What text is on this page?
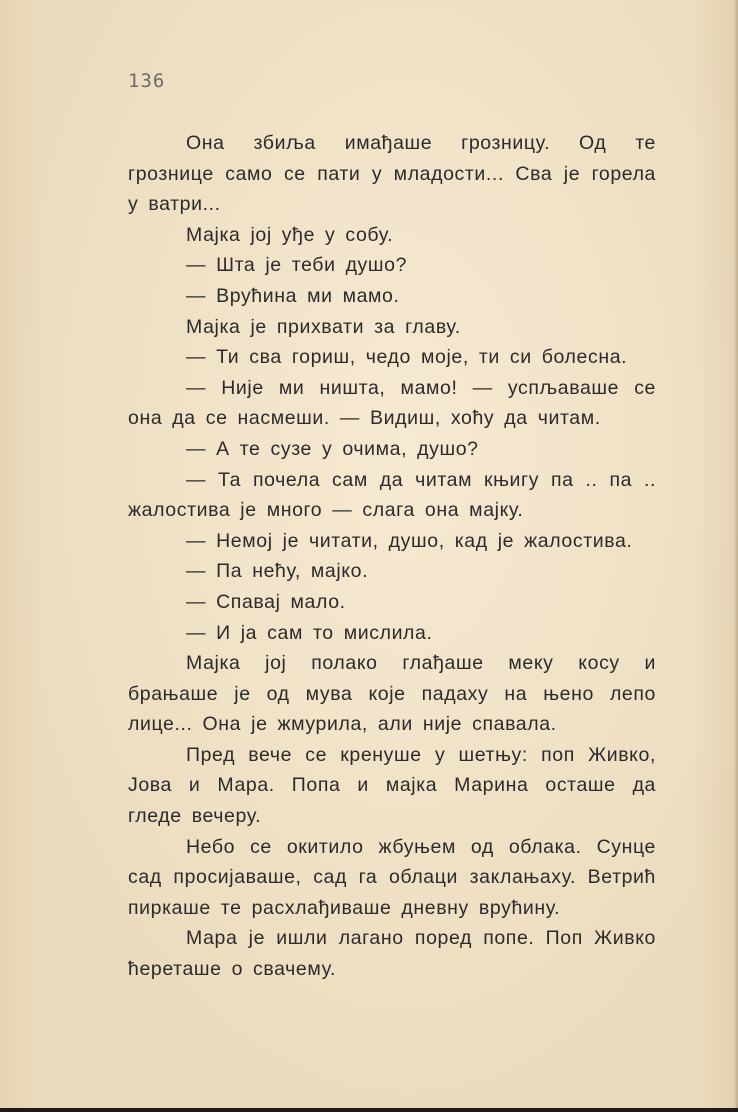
136

Она збиља имађаше грозницу. Од те грознице само се пати у младости... Сва је горела у ватри...

Мајка јој уђе у собу.

— Шта је теби душо?

— Врућина ми мамо.

Мајка је прихвати за главу.

— Ти сва гориш, чедо моје, ти си болесна.

— Није ми ништа, мамо! — успљаваше се она да се насмеши. — Видиш, хоћу да читам.

— А те сузе у очима, душо?

— Та почела сам да читам књигу па .. па .. жалостива је много — слага она мајку.

— Немој је читати, душо, кад је жалостива.

— Па нећу, мајко.

— Спавај мало.

— И ја сам то мислила.

Мајка јој полако глађаше меку косу и брањаше је од мува које падаху на њено лепо лице... Она је жмурила, али није спавала.

Пред вече се кренуше у шетњу: поп Живко, Јова и Мара. Попа и мајка Марина осташе да гледе вечеру.

Небо се окитило жбуњем од облака. Сунце сад просијаваше, сад га облаци заклањаху. Ветрић пиркаше те расхлађиваше дневну врућину.

Мара је ишли лагано поред попе. Поп Живко ћереташе о свачему.
